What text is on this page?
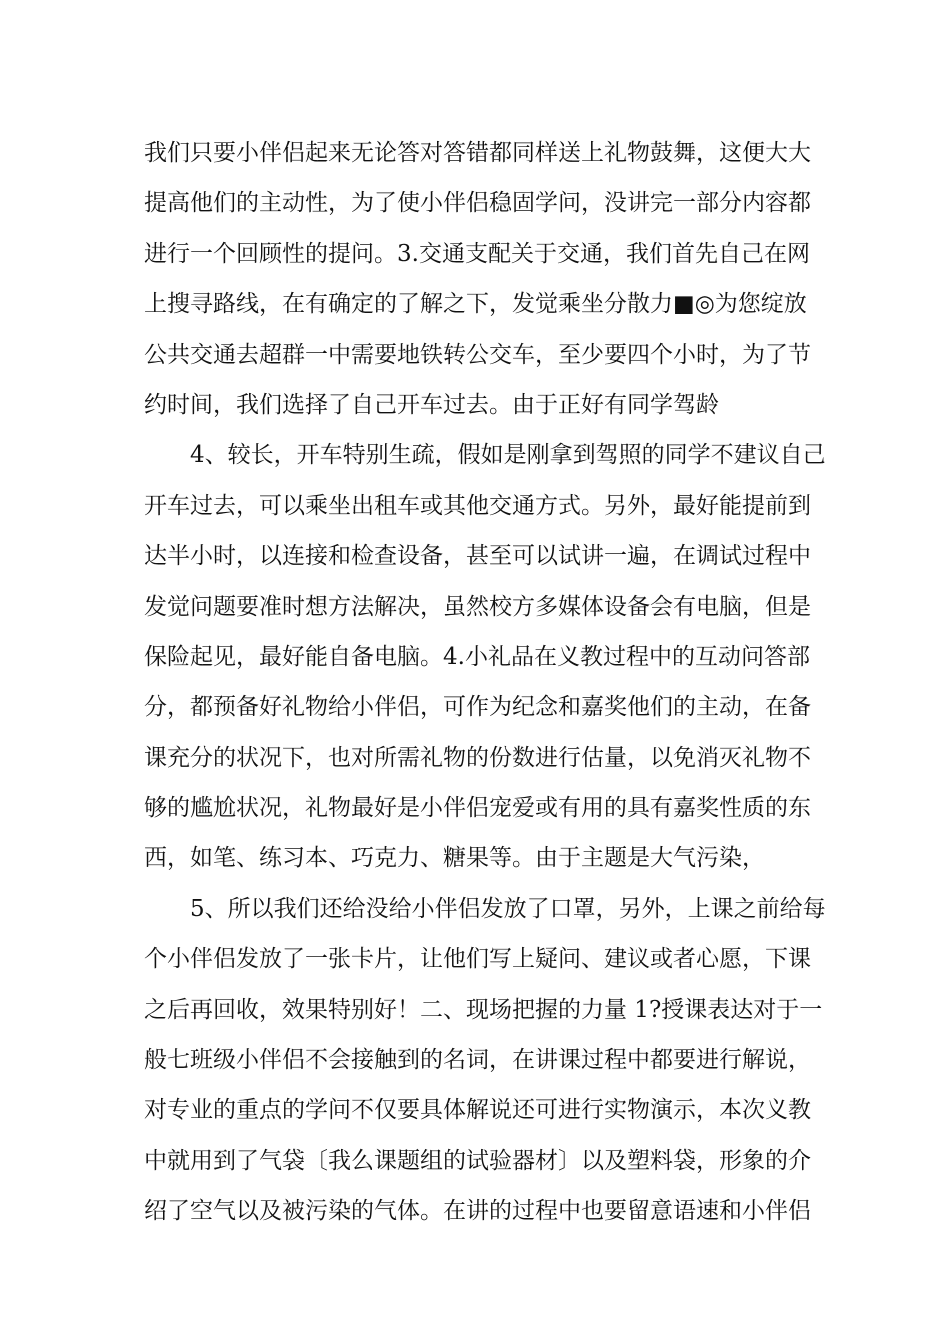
我们只要小伴侣起来无论答对答错都同样送上礼物鼓舞，这便大大
提高他们的主动性，为了使小伴侣稳固学问，没讲完一部分内容都
进行一个回顾性的提问。3.交通支配关于交通，我们首先自己在网
上搜寻路线，在有确定的了解之下，发觉乘坐分散力■◎为您绽放
公共交通去超群一中需要地铁转公交车，至少要四个小时，为了节
约时间，我们选择了自己开车过去。由于正好有同学驾龄
4、较长，开车特别生疏，假如是刚拿到驾照的同学不建议自己
开车过去，可以乘坐出租车或其他交通方式。另外，最好能提前到
达半小时，以连接和检查设备，甚至可以试讲一遍，在调试过程中
发觉问题要准时想方法解决，虽然校方多媒体设备会有电脑，但是
保险起见，最好能自备电脑。4.小礼品在义教过程中的互动问答部
分，都预备好礼物给小伴侣，可作为纪念和嘉奖他们的主动，在备
课充分的状况下，也对所需礼物的份数进行估量，以免消灭礼物不
够的尴尬状况，礼物最好是小伴侣宠爱或有用的具有嘉奖性质的东
西，如笔、练习本、巧克力、糖果等。由于主题是大气污染，
5、所以我们还给没给小伴侣发放了口罩，另外，上课之前给每
个小伴侣发放了一张卡片，让他们写上疑问、建议或者心愿，下课
之后再回收，效果特别好！二、现场把握的力量 1?授课表达对于一
般七班级小伴侣不会接触到的名词，在讲课过程中都要进行解说，
对专业的重点的学问不仅要具体解说还可进行实物演示，本次义教
中就用到了气袋〔我么课题组的试验器材〕以及塑料袋，形象的介
绍了空气以及被污染的气体。在讲的过程中也要留意语速和小伴侣
